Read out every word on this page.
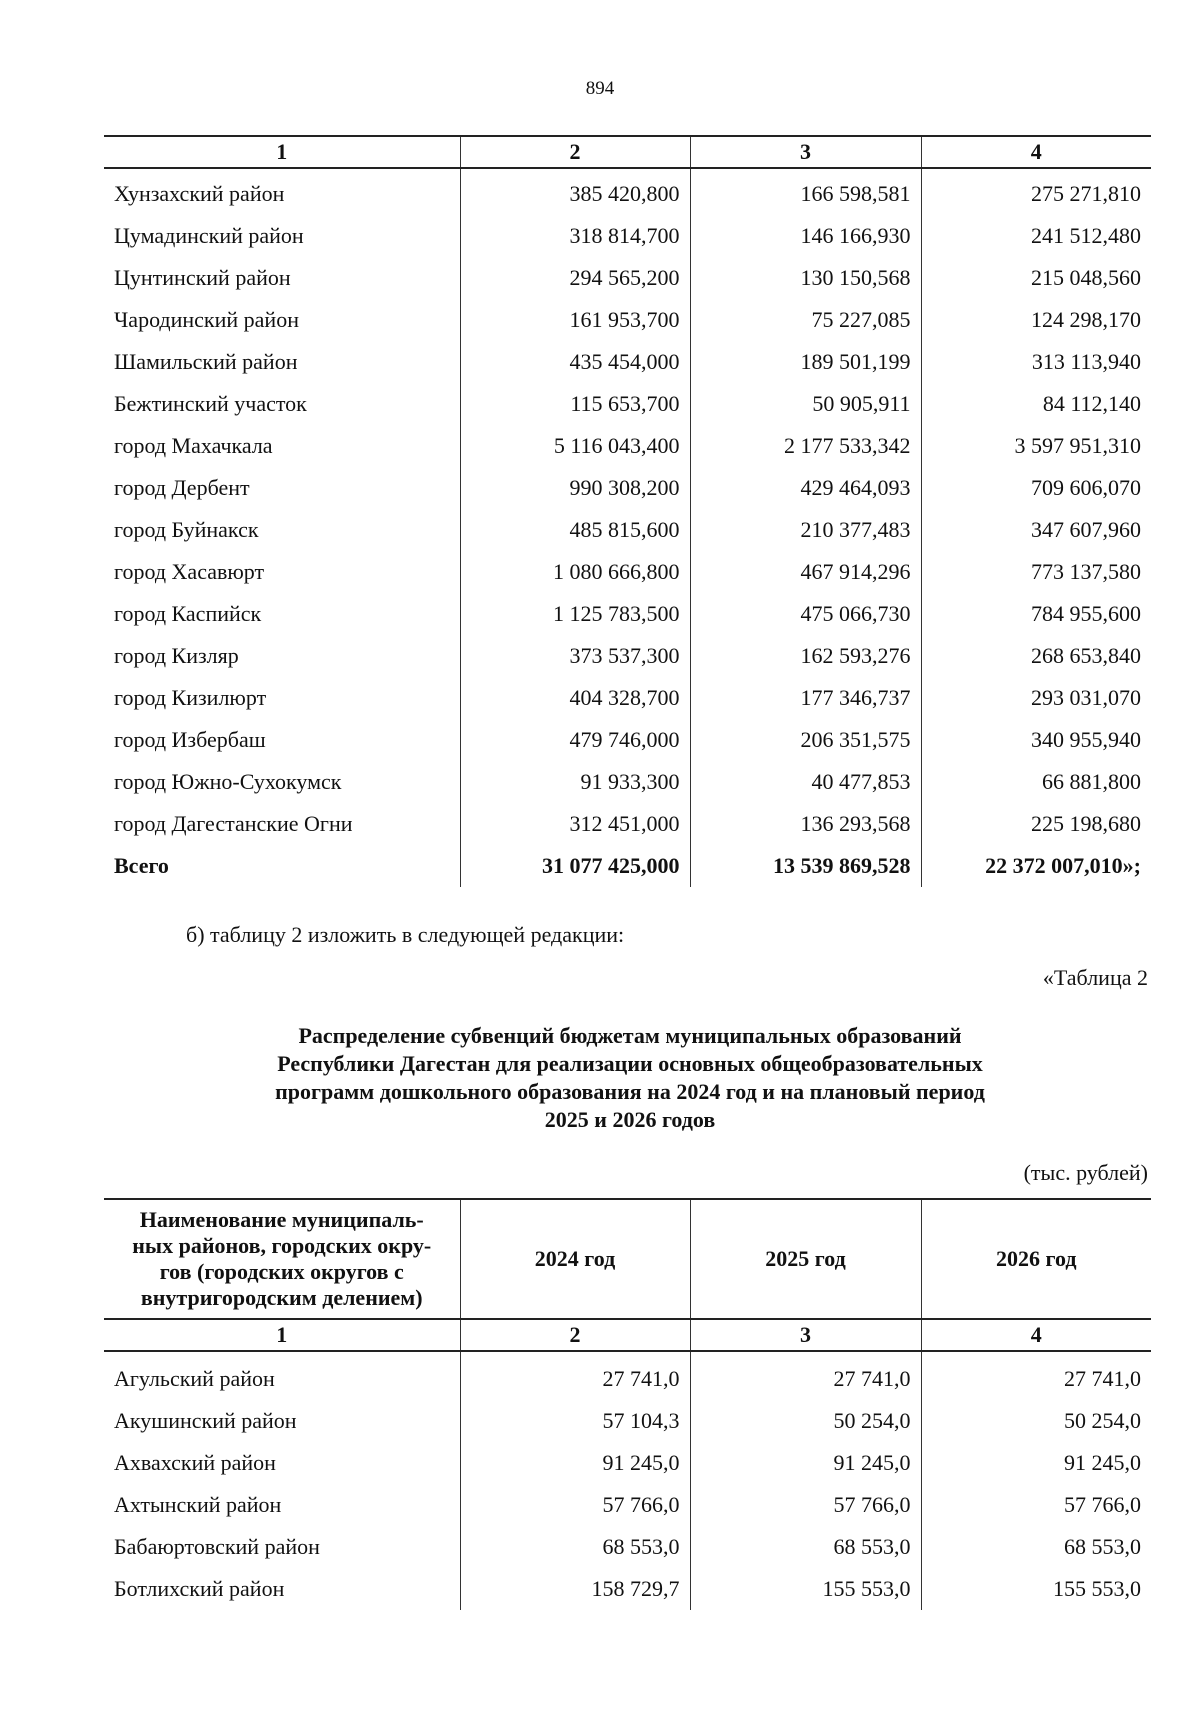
894
1	2	3	4
Хунзахский район	385 420,800	166 598,581	275 271,810
Цумадинский район	318 814,700	146 166,930	241 512,480
Цунтинский район	294 565,200	130 150,568	215 048,560
Чародинский район	161 953,700	75 227,085	124 298,170
Шамильский район	435 454,000	189 501,199	313 113,940
Бежтинский участок	115 653,700	50 905,911	84 112,140
город Махачкала	5 116 043,400	2 177 533,342	3 597 951,310
город Дербент	990 308,200	429 464,093	709 606,070
город Буйнакск	485 815,600	210 377,483	347 607,960
город Хасавюрт	1 080 666,800	467 914,296	773 137,580
город Каспийск	1 125 783,500	475 066,730	784 955,600
город Кизляр	373 537,300	162 593,276	268 653,840
город Кизилюрт	404 328,700	177 346,737	293 031,070
город Избербаш	479 746,000	206 351,575	340 955,940
город Южно-Сухокумск	91 933,300	40 477,853	66 881,800
город Дагестанские Огни	312 451,000	136 293,568	225 198,680
Всего	31 077 425,000	13 539 869,528	22 372 007,010»;
б) таблицу 2 изложить в следующей редакции:
«Таблица 2
Распределение субвенций бюджетам муниципальных образований
Республики Дагестан для реализации основных общеобразовательных
программ дошкольного образования на 2024 год и на плановый период
2025 и 2026 годов
(тыс. рублей)
Наименование муниципаль-
ных районов, городских окру-
гов (городских округов с
внутригородским делением)	2024 год	2025 год	2026 год
1	2	3	4
Агульский район	27 741,0	27 741,0	27 741,0
Акушинский район	57 104,3	50 254,0	50 254,0
Ахвахский район	91 245,0	91 245,0	91 245,0
Ахтынский район	57 766,0	57 766,0	57 766,0
Бабаюртовский район	68 553,0	68 553,0	68 553,0
Ботлихский район	158 729,7	155 553,0	155 553,0
